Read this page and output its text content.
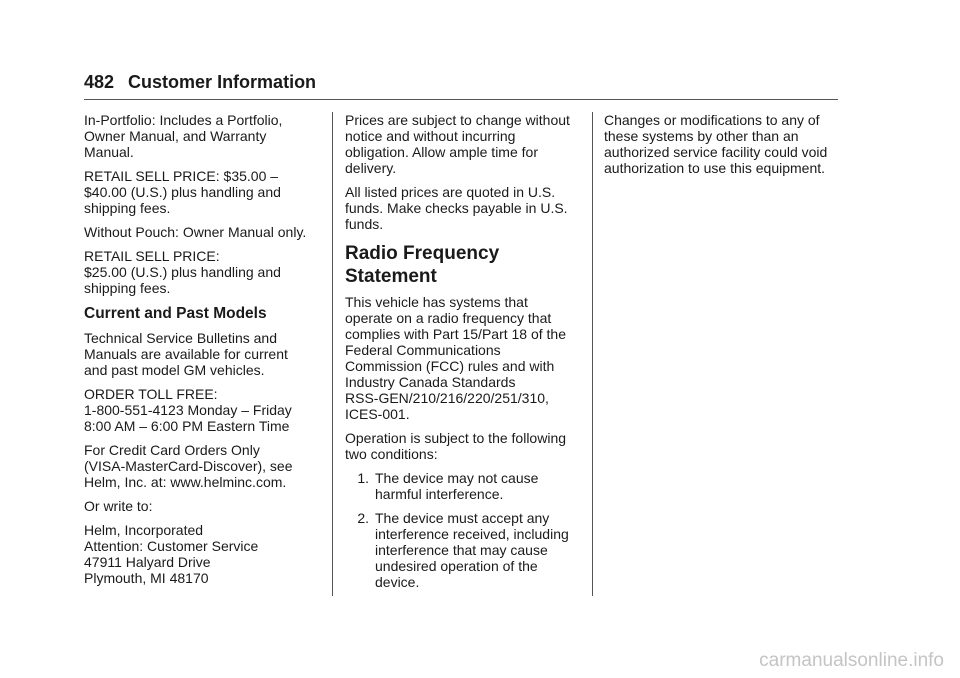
482 Customer Information

In-Portfolio: Includes a Portfolio,
Owner Manual, and Warranty
Manual.

RETAIL SELL PRICE: $35.00 –
$40.00 (U.S.) plus handling and
shipping fees.

Without Pouch: Owner Manual only.

RETAIL SELL PRICE:
$25.00 (U.S.) plus handling and
shipping fees.

Current and Past Models

Technical Service Bulletins and
Manuals are available for current
and past model GM vehicles.

ORDER TOLL FREE:
1-800-551-4123 Monday – Friday
8:00 AM – 6:00 PM Eastern Time

For Credit Card Orders Only
(VISA-MasterCard-Discover), see
Helm, Inc. at: www.helminc.com.

Or write to:

Helm, Incorporated
Attention: Customer Service
47911 Halyard Drive
Plymouth, MI 48170

Prices are subject to change without
notice and without incurring
obligation. Allow ample time for
delivery.

All listed prices are quoted in U.S.
funds. Make checks payable in U.S.
funds.

Radio Frequency
Statement

This vehicle has systems that
operate on a radio frequency that
complies with Part 15/Part 18 of the
Federal Communications
Commission (FCC) rules and with
Industry Canada Standards
RSS-GEN/210/216/220/251/310,
ICES-001.

Operation is subject to the following
two conditions:

1. The device may not cause
harmful interference.
2. The device must accept any
interference received, including
interference that may cause
undesired operation of the
device.

Changes or modifications to any of
these systems by other than an
authorized service facility could void
authorization to use this equipment.

carmanualsonline.info
